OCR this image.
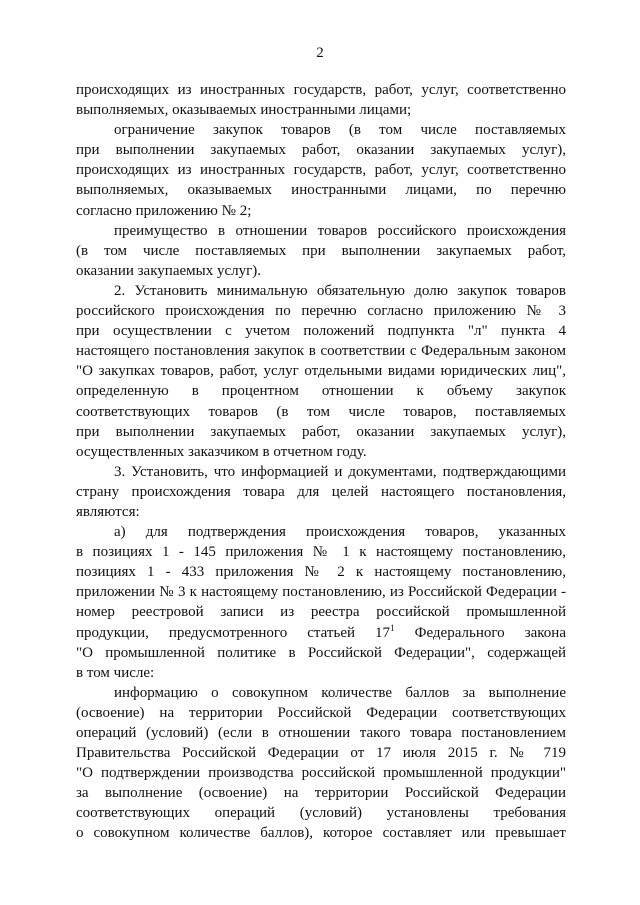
2
происходящих из иностранных государств, работ, услуг, соответственно
выполняемых, оказываемых иностранными лицами;
ограничение закупок товаров (в том числе поставляемых
при выполнении закупаемых работ, оказании закупаемых услуг),
происходящих из иностранных государств, работ, услуг, соответственно
выполняемых, оказываемых иностранными лицами, по перечню
согласно приложению № 2;
преимущество в отношении товаров российского происхождения
(в том числе поставляемых при выполнении закупаемых работ,
оказании закупаемых услуг).
2. Установить минимальную обязательную долю закупок товаров
российского происхождения по перечню согласно приложению № 3
при осуществлении с учетом положений подпункта "л" пункта 4
настоящего постановления закупок в соответствии с Федеральным законом
"О закупках товаров, работ, услуг отдельными видами юридических лиц",
определенную в процентном отношении к объему закупок
соответствующих товаров (в том числе товаров, поставляемых
при выполнении закупаемых работ, оказании закупаемых услуг),
осуществленных заказчиком в отчетном году.
3. Установить, что информацией и документами, подтверждающими
страну происхождения товара для целей настоящего постановления,
являются:
а) для подтверждения происхождения товаров, указанных
в позициях 1 - 145 приложения № 1 к настоящему постановлению,
позициях 1 - 433 приложения № 2 к настоящему постановлению,
приложении № 3 к настоящему постановлению, из Российской Федерации -
номер реестровой записи из реестра российской промышленной
продукции, предусмотренного статьей $17^1$ Федерального закона
"О промышленной политике в Российской Федерации", содержащей
в том числе:
информацию о совокупном количестве баллов за выполнение
(освоение) на территории Российской Федерации соответствующих
операций (условий) (если в отношении такого товара постановлением
Правительства Российской Федерации от 17 июля 2015 г. № 719
"О подтверждении производства российской промышленной продукции"
за выполнение (освоение) на территории Российской Федерации
соответствующих операций (условий) установлены требования
о совокупном количестве баллов), которое составляет или превышает
